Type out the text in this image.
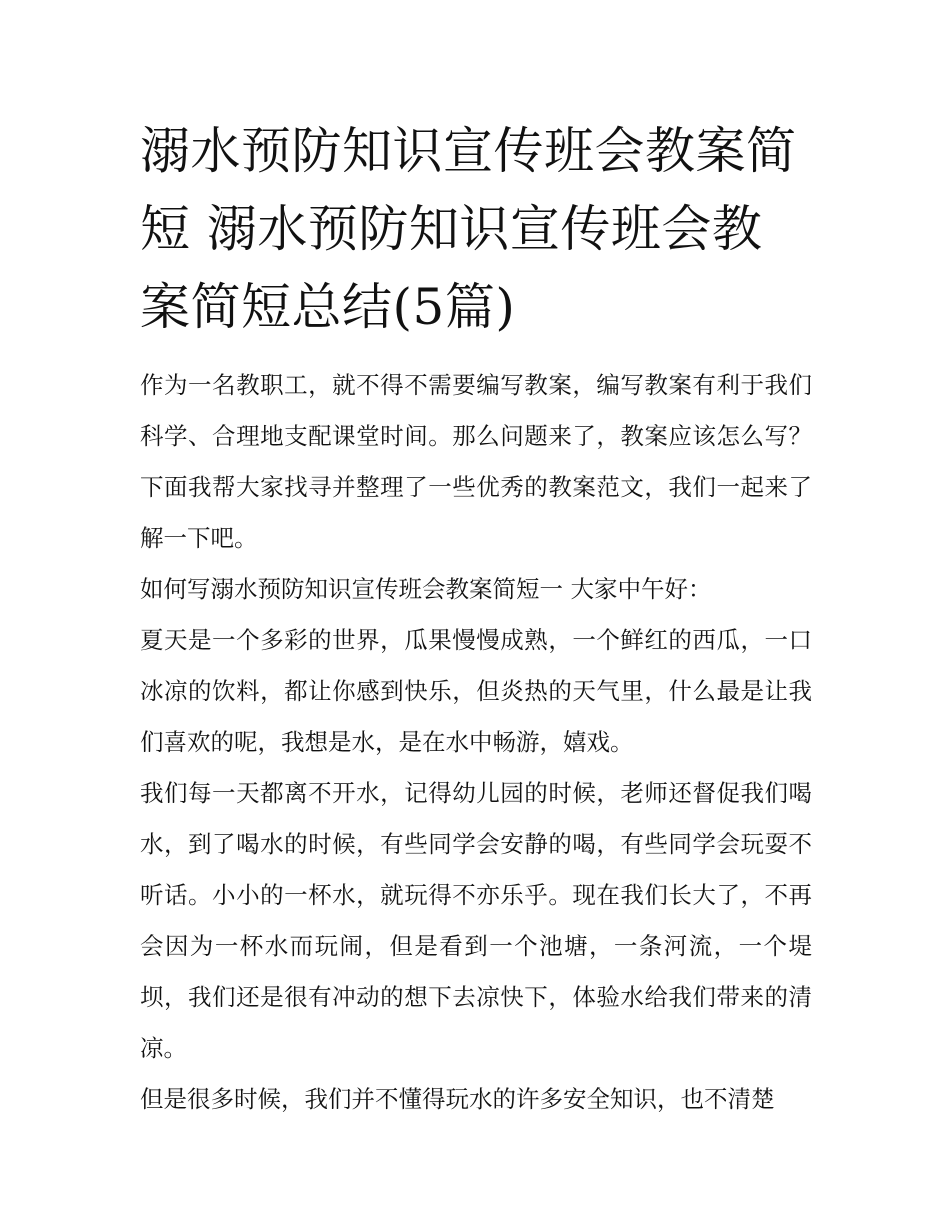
溺水预防知识宣传班会教案简短 溺水预防知识宣传班会教案简短总结(5篇)

作为一名教职工，就不得不需要编写教案，编写教案有利于我们科学、合理地支配课堂时间。那么问题来了，教案应该怎么写？下面我帮大家找寻并整理了一些优秀的教案范文，我们一起来了解一下吧。

如何写溺水预防知识宣传班会教案简短一 大家中午好：

夏天是一个多彩的世界，瓜果慢慢成熟，一个鲜红的西瓜，一口冰凉的饮料，都让你感到快乐，但炎热的天气里，什么最是让我们喜欢的呢，我想是水，是在水中畅游，嬉戏。

我们每一天都离不开水，记得幼儿园的时候，老师还督促我们喝水，到了喝水的时候，有些同学会安静的喝，有些同学会玩耍不听话。小小的一杯水，就玩得不亦乐乎。现在我们长大了，不再会因为一杯水而玩闹，但是看到一个池塘，一条河流，一个堤坝，我们还是很有冲动的想下去凉快下，体验水给我们带来的清凉。

但是很多时候，我们并不懂得玩水的许多安全知识，也不清楚
